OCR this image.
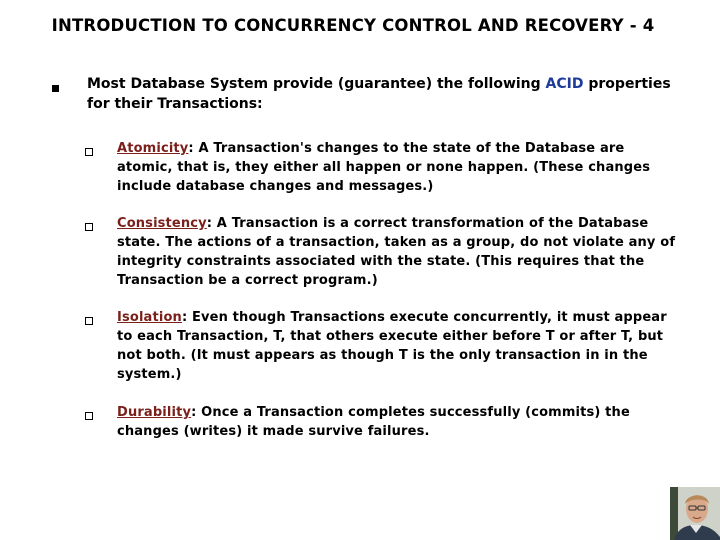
INTRODUCTION TO CONCURRENCY CONTROL AND RECOVERY - 4
Most Database System provide (guarantee) the following ACID properties for their Transactions:
Atomicity: A Transaction's changes to the state of the Database are atomic, that is, they either all happen or none happen. (These changes include database changes and messages.)
Consistency: A Transaction is a correct transformation of the Database state. The actions of a transaction, taken as a group, do not violate any of integrity constraints associated with the state. (This requires that the Transaction be a correct program.)
Isolation: Even though Transactions execute concurrently, it must appear to each Transaction, T, that others execute either before T or after T, but not both. (It must appears as though T is the only transaction in in the system.)
Durability: Once a Transaction completes successfully (commits) the changes (writes) it made survive failures.
